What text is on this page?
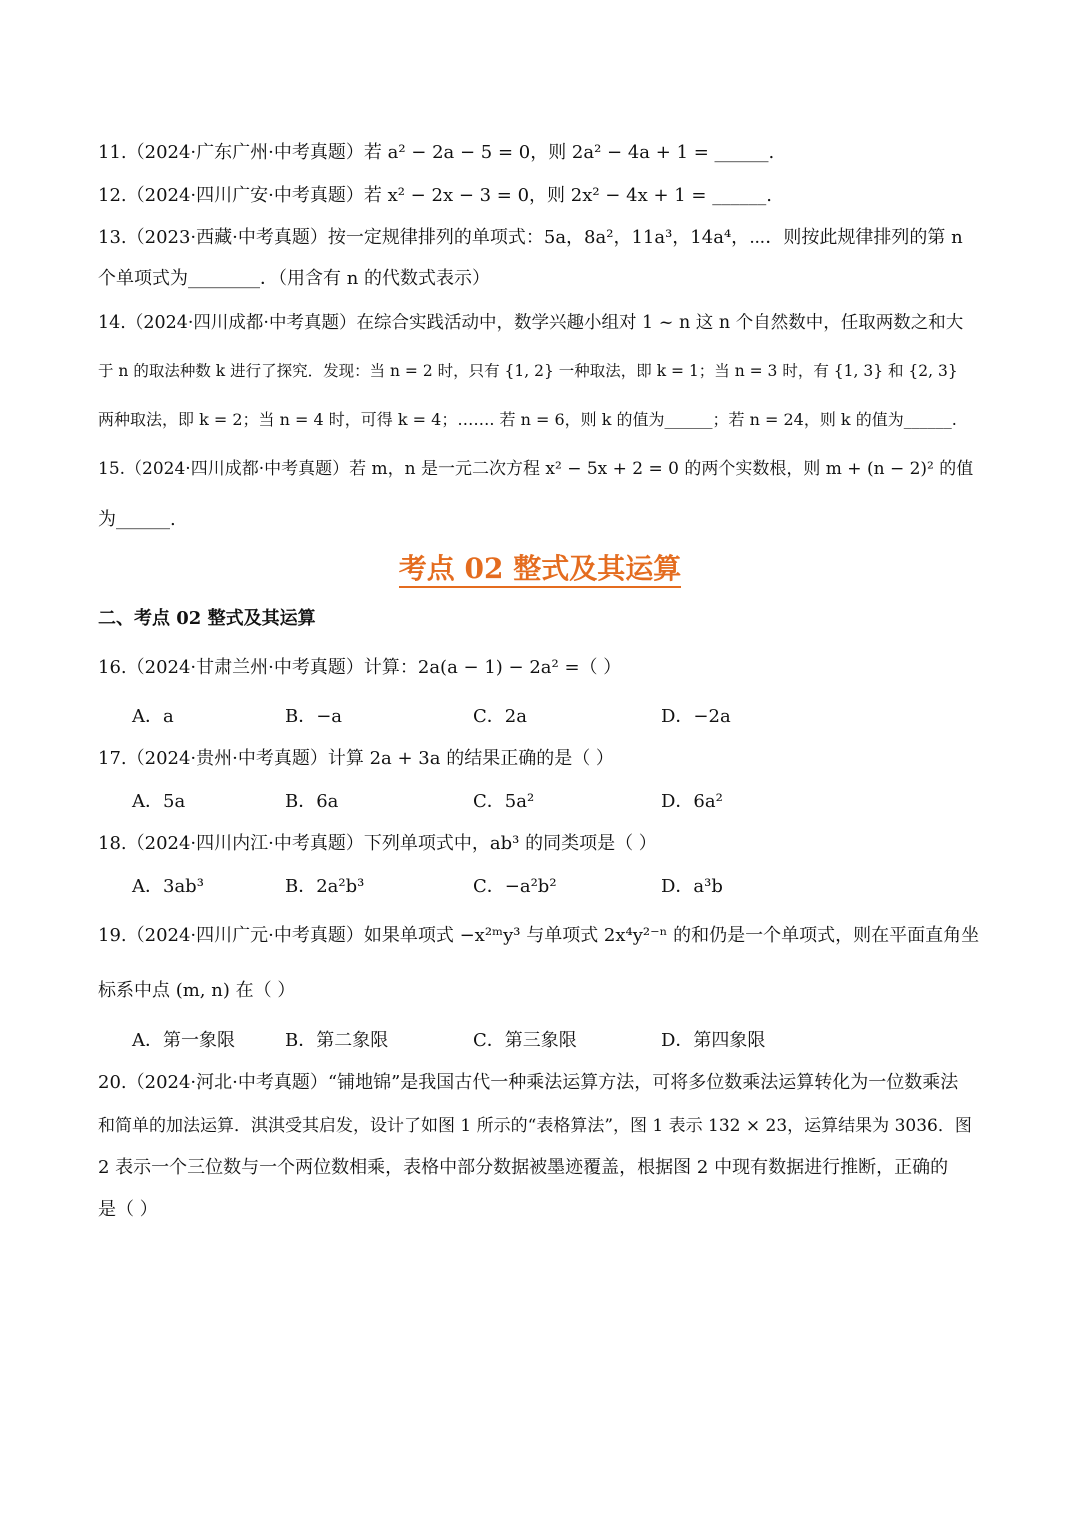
11.（2024·广东广州·中考真题）若 a² − 2a − 5 = 0，则 2a² − 4a + 1 = ______.
12.（2024·四川广安·中考真题）若 x² − 2x − 3 = 0，则 2x² − 4x + 1 = ______.
13.（2023·西藏·中考真题）按一定规律排列的单项式：5a，8a²，11a³，14a⁴，⋯．则按此规律排列的第 n
个单项式为________．（用含有 n 的代数式表示）
14.（2024·四川成都·中考真题）在综合实践活动中，数学兴趣小组对 1 ~ n 这 n 个自然数中，任取两数之和大
于 n 的取法种数 k 进行了探究．发现：当 n = 2 时，只有 {1, 2} 一种取法，即 k = 1；当 n = 3 时，有 {1, 3} 和 {2, 3}
两种取法，即 k = 2；当 n = 4 时，可得 k = 4；……. 若 n = 6，则 k 的值为______；若 n = 24，则 k 的值为______.
15.（2024·四川成都·中考真题）若 m，n 是一元二次方程 x² − 5x + 2 = 0 的两个实数根，则 m + (n − 2)² 的值
为______.
考点 02 整式及其运算
二、考点 02 整式及其运算
16.（2024·甘肃兰州·中考真题）计算：2a(a − 1) − 2a² =（ ）
A．a	B．−a	C．2a	D．−2a
17.（2024·贵州·中考真题）计算 2a + 3a 的结果正确的是（ ）
A．5a	B．6a	C．5a²	D．6a²
18.（2024·四川内江·中考真题）下列单项式中，ab³ 的同类项是（ ）
A．3ab³	B．2a²b³	C．−a²b²	D．a³b
19.（2024·四川广元·中考真题）如果单项式 −x²ᵐy³ 与单项式 2x⁴y²⁻ⁿ 的和仍是一个单项式，则在平面直角坐
标系中点 (m, n) 在（ ）
A．第一象限	B．第二象限	C．第三象限	D．第四象限
20.（2024·河北·中考真题）“铺地锦”是我国古代一种乘法运算方法，可将多位数乘法运算转化为一位数乘法
和简单的加法运算．淇淇受其启发，设计了如图 1 所示的“表格算法”，图 1 表示 132 × 23，运算结果为 3036．图
2 表示一个三位数与一个两位数相乘，表格中部分数据被墨迹覆盖，根据图 2 中现有数据进行推断，正确的
是（ ）
